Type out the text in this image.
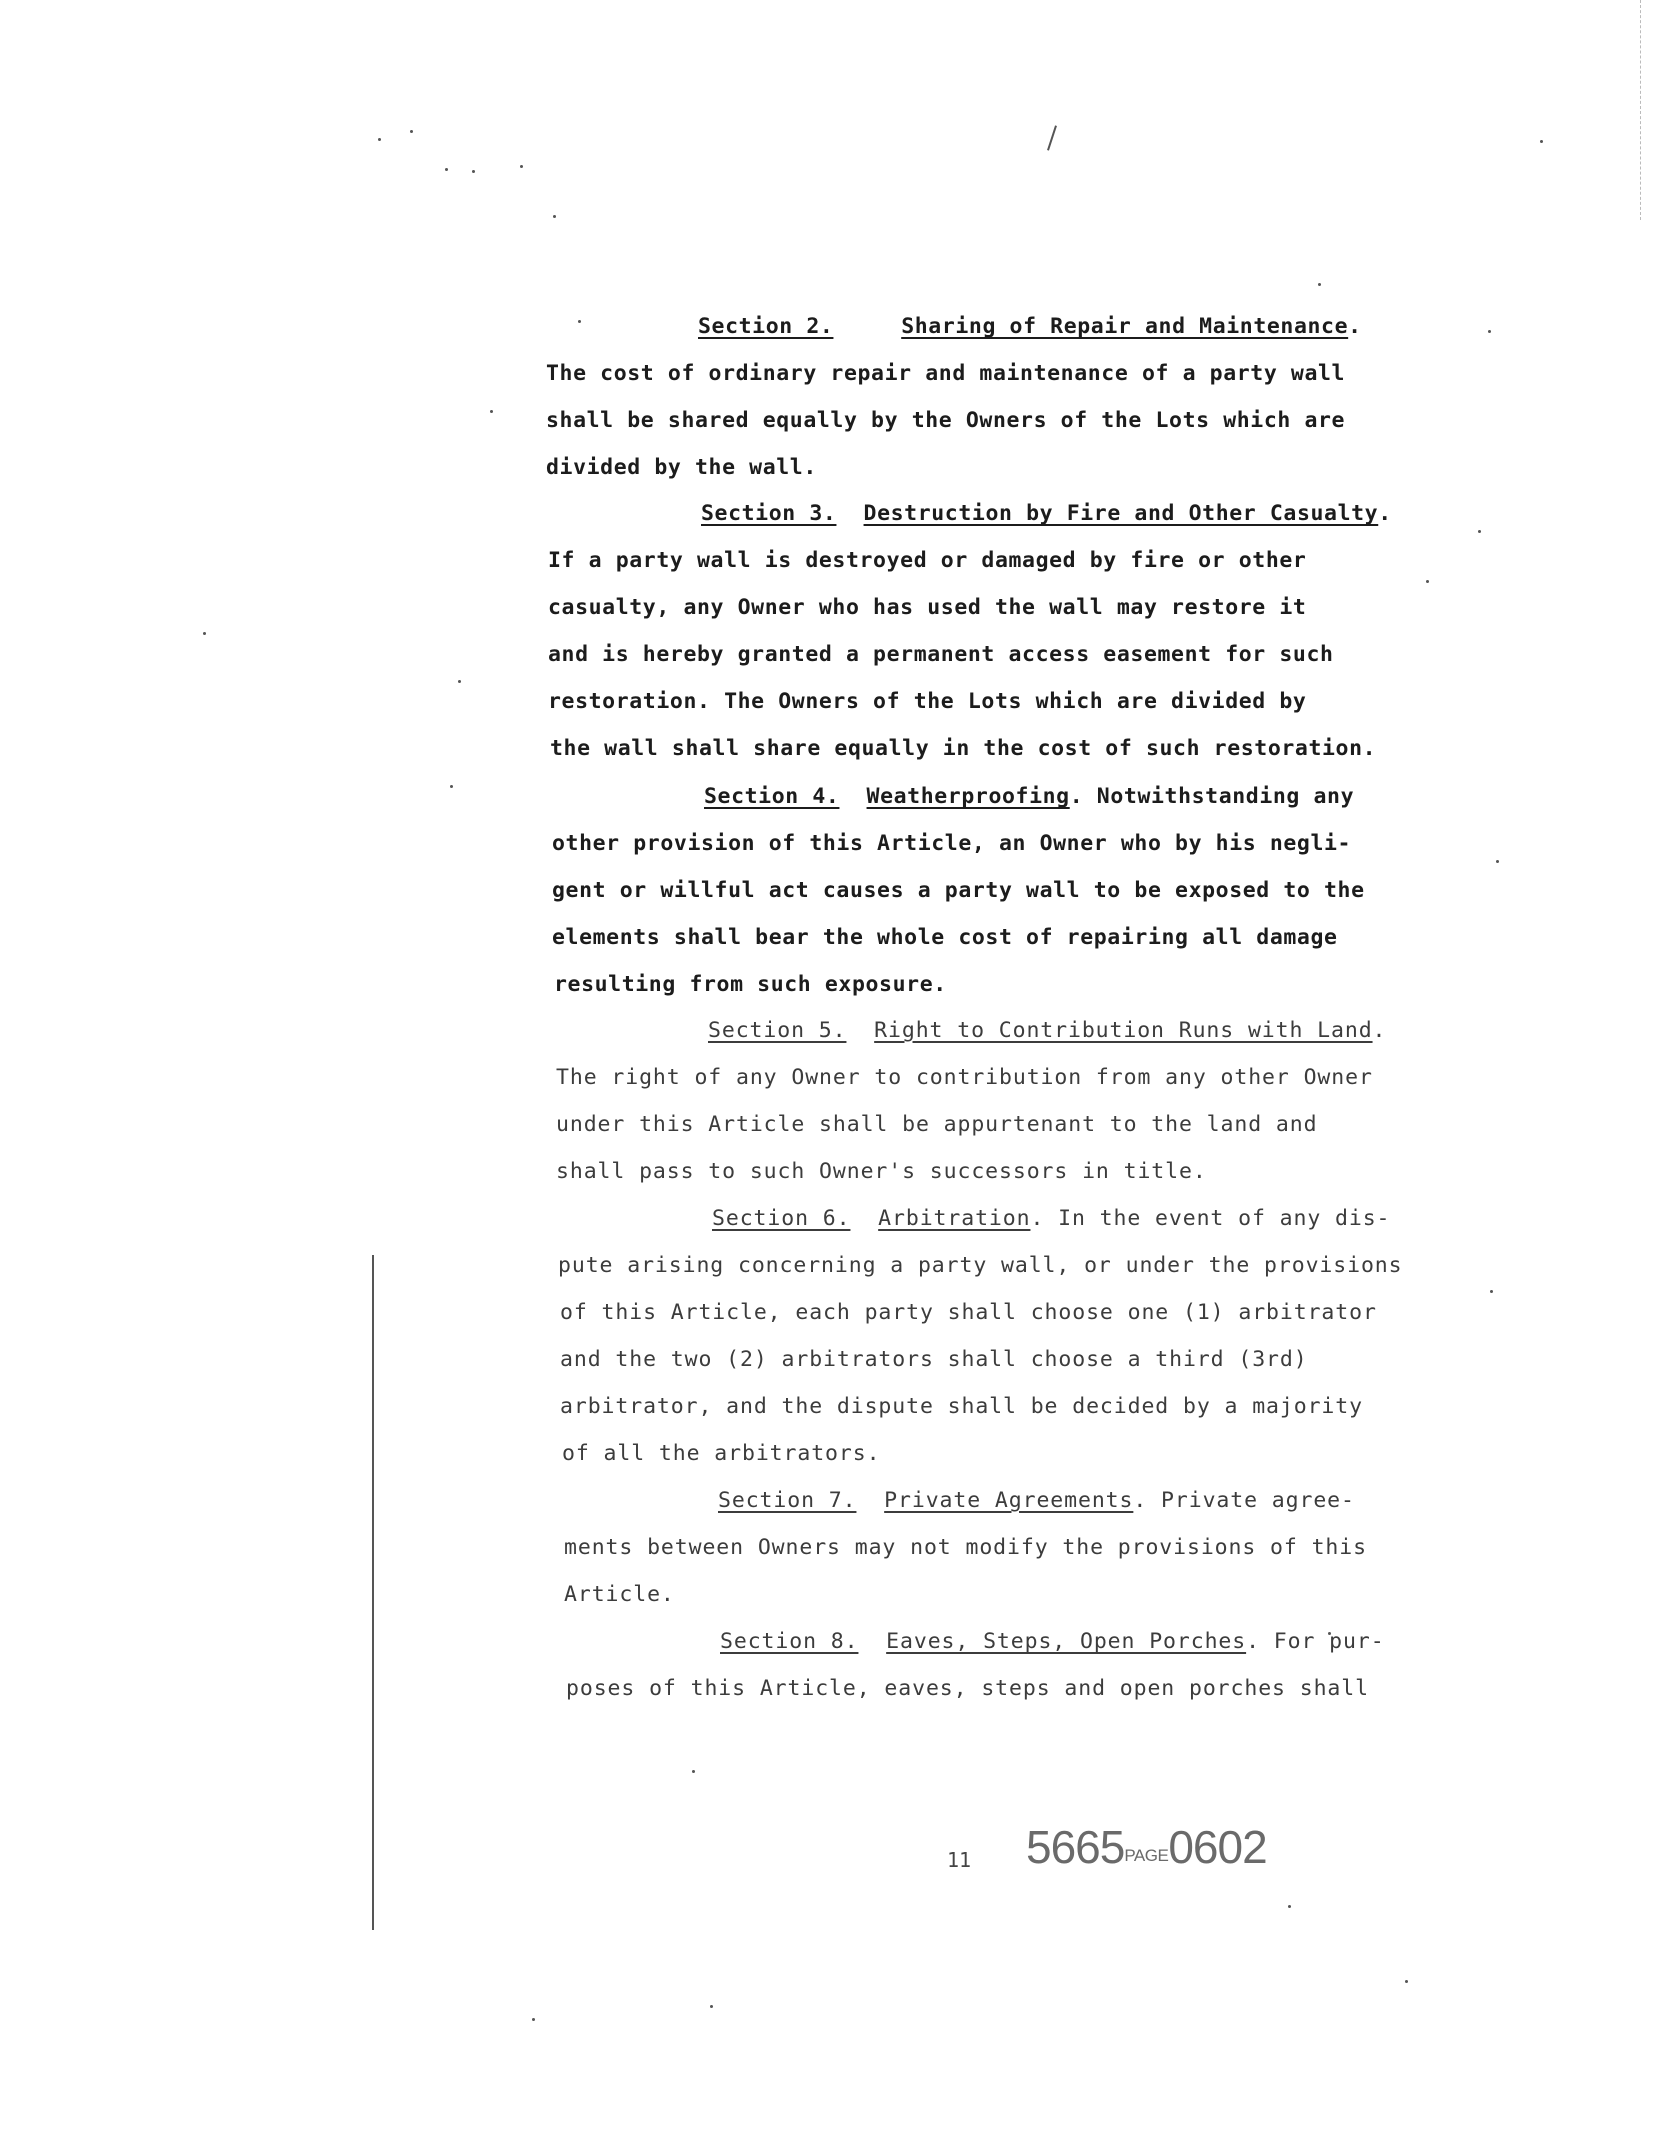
Section 2.	Sharing of Repair and Maintenance.
The cost of ordinary repair and maintenance of a party wall
shall be shared equally by the Owners of the Lots which are
divided by the wall.
Section 3. Destruction by Fire and Other Casualty.
If a party wall is destroyed or damaged by fire or other
casualty, any Owner who has used the wall may restore it
and is hereby granted a permanent access easement for such
restoration. The Owners of the Lots which are divided by
the wall shall share equally in the cost of such restoration.
Section 4. Weatherproofing. Notwithstanding any
other provision of this Article, an Owner who by his negli-
gent or willful act causes a party wall to be exposed to the
elements shall bear the whole cost of repairing all damage
resulting from such exposure.
Section 5. Right to Contribution Runs with Land.
The right of any Owner to contribution from any other Owner
under this Article shall be appurtenant to the land and
shall pass to such Owner's successors in title.
Section 6. Arbitration. In the event of any dis-
pute arising concerning a party wall, or under the provisions
of this Article, each party shall choose one (1) arbitrator
and the two (2) arbitrators shall choose a third (3rd)
arbitrator, and the dispute shall be decided by a majority
of all the arbitrators.
Section 7. Private Agreements. Private agree-
ments between Owners may not modify the provisions of this
Article.
Section 8. Eaves, Steps, Open Porches. For pur-
poses of this Article, eaves, steps and open porches shall
11 5665PAGE0602
